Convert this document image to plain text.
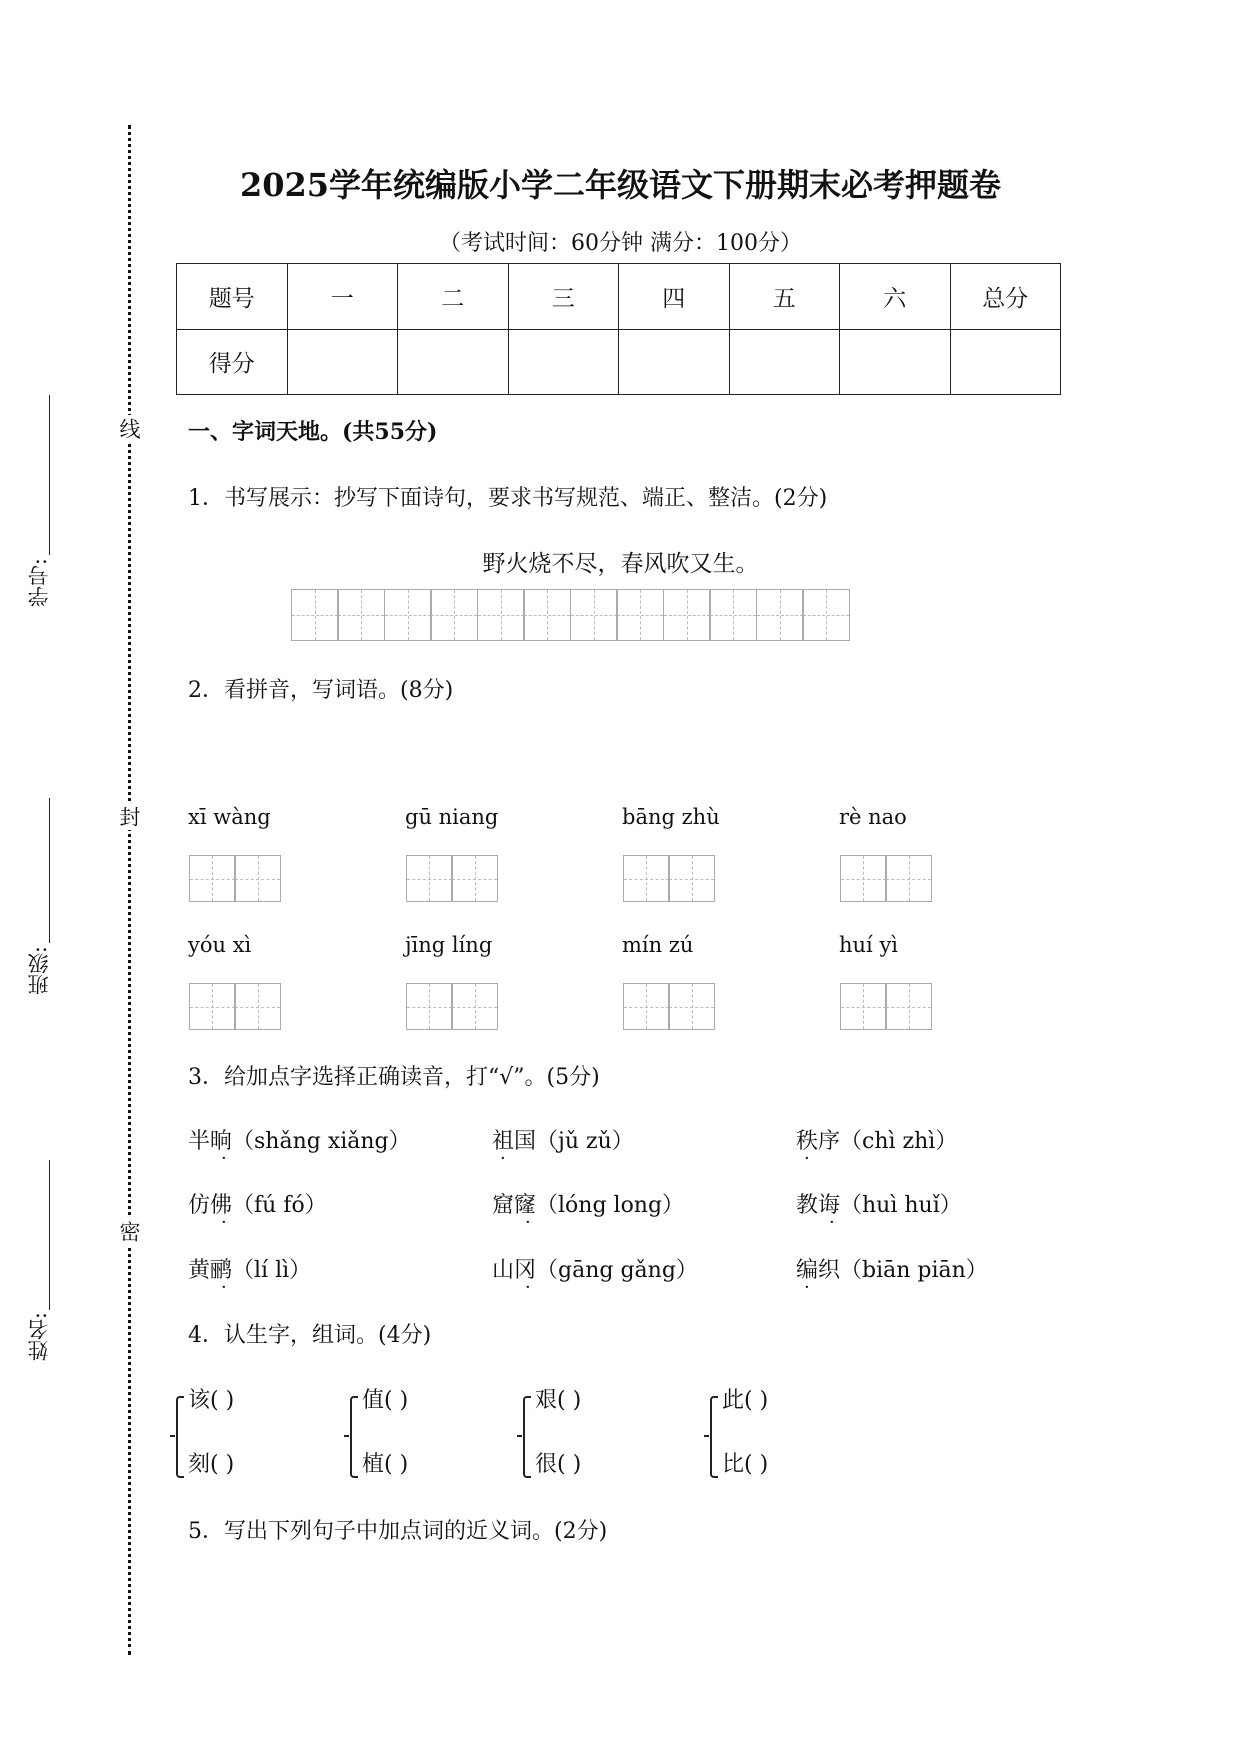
学号:
班级:
姓名:
线
封
密
2025学年统编版小学二年级语文下册期末必考押题卷
（考试时间：60分钟 满分：100分）
题号	一	二	三	四	五	六	总分
得分							
一、字词天地。(共55分)
1．书写展示：抄写下面诗句，要求书写规范、端正、整洁。(2分)
野火烧不尽，春风吹又生。
2．看拼音，写词语。(8分)
xī wàng	gū niang	bāng zhù	rè nao
yóu xì	jīng líng	mín zú	huí yì
3．给加点字选择正确读音，打“√”。(5分)
半晌（shǎng xiǎng）	祖国（jǔ zǔ）	秩序（chì zhì）
仿佛（fú fó）	窟窿（lóng long）	教诲（huì huǐ）
黄鹂（lí lì）	山冈（gāng gǎng）	编织（biān piān）
·	·	·
·	·	·
·	·	·
4．认生字，组词。(4分)
该( )
刻( )
值( )
植( )
艰( )
很( )
此( )
比( )
5．写出下列句子中加点词的近义词。(2分)
